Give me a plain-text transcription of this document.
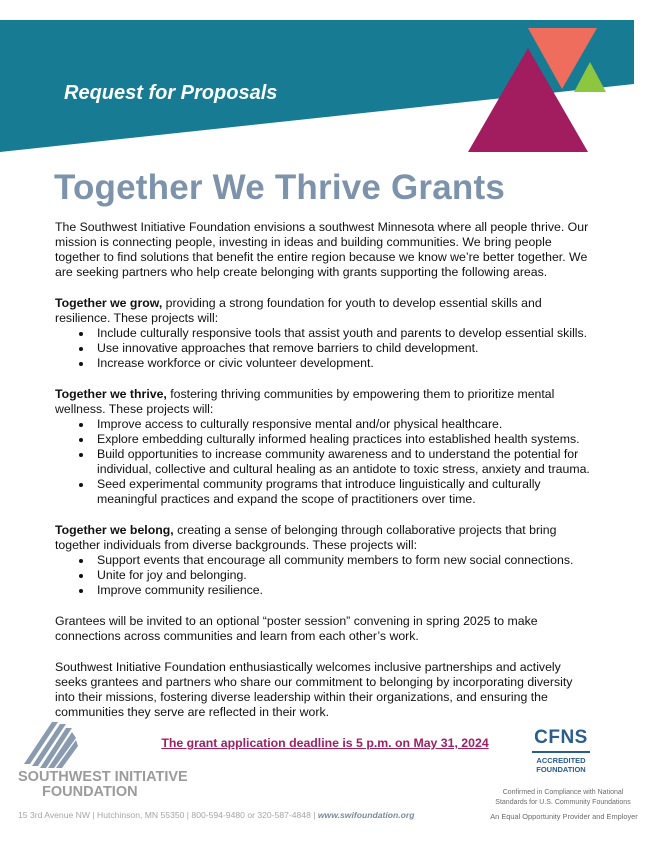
Request for Proposals
Together We Thrive Grants

The Southwest Initiative Foundation envisions a southwest Minnesota where all people thrive. Our mission is connecting people, investing in ideas and building communities. We bring people together to find solutions that benefit the entire region because we know we’re better together. We are seeking partners who help create belonging with grants supporting the following areas.

Together we grow, providing a strong foundation for youth to develop essential skills and resilience. These projects will:

• Include culturally responsive tools that assist youth and parents to develop essential skills.
• Use innovative approaches that remove barriers to child development.
• Increase workforce or civic volunteer development.

Together we thrive, fostering thriving communities by empowering them to prioritize mental wellness. These projects will:

• Improve access to culturally responsive mental and/or physical healthcare.
• Explore embedding culturally informed healing practices into established health systems.
• Build opportunities to increase community awareness and to understand the potential for individual, collective and cultural healing as an antidote to toxic stress, anxiety and trauma.
• Seed experimental community programs that introduce linguistically and culturally meaningful practices and expand the scope of practitioners over time.

Together we belong, creating a sense of belonging through collaborative projects that bring together individuals from diverse backgrounds. These projects will:

• Support events that encourage all community members to form new social connections.
• Unite for joy and belonging.
• Improve community resilience.

Grantees will be invited to an optional “poster session” convening in spring 2025 to make connections across communities and learn from each other’s work.

Southwest Initiative Foundation enthusiastically welcomes inclusive partnerships and actively seeks grantees and partners who share our commitment to belonging by incorporating diversity into their missions, fostering diverse leadership within their organizations, and ensuring the communities they serve are reflected in their work.

The grant application deadline is 5 p.m. on May 31, 2024

SOUTHWEST INITIATIVE
FOUNDATION
15 3rd Avenue NW | Hutchinson, MN 55350 | 800-594-9480 or 320-587-4848 | www.swifoundation.org
CFNS
ACCREDITED
FOUNDATION
Confirmed in Compliance with National Standards for U.S. Community Foundations
An Equal Opportunity Provider and Employer
